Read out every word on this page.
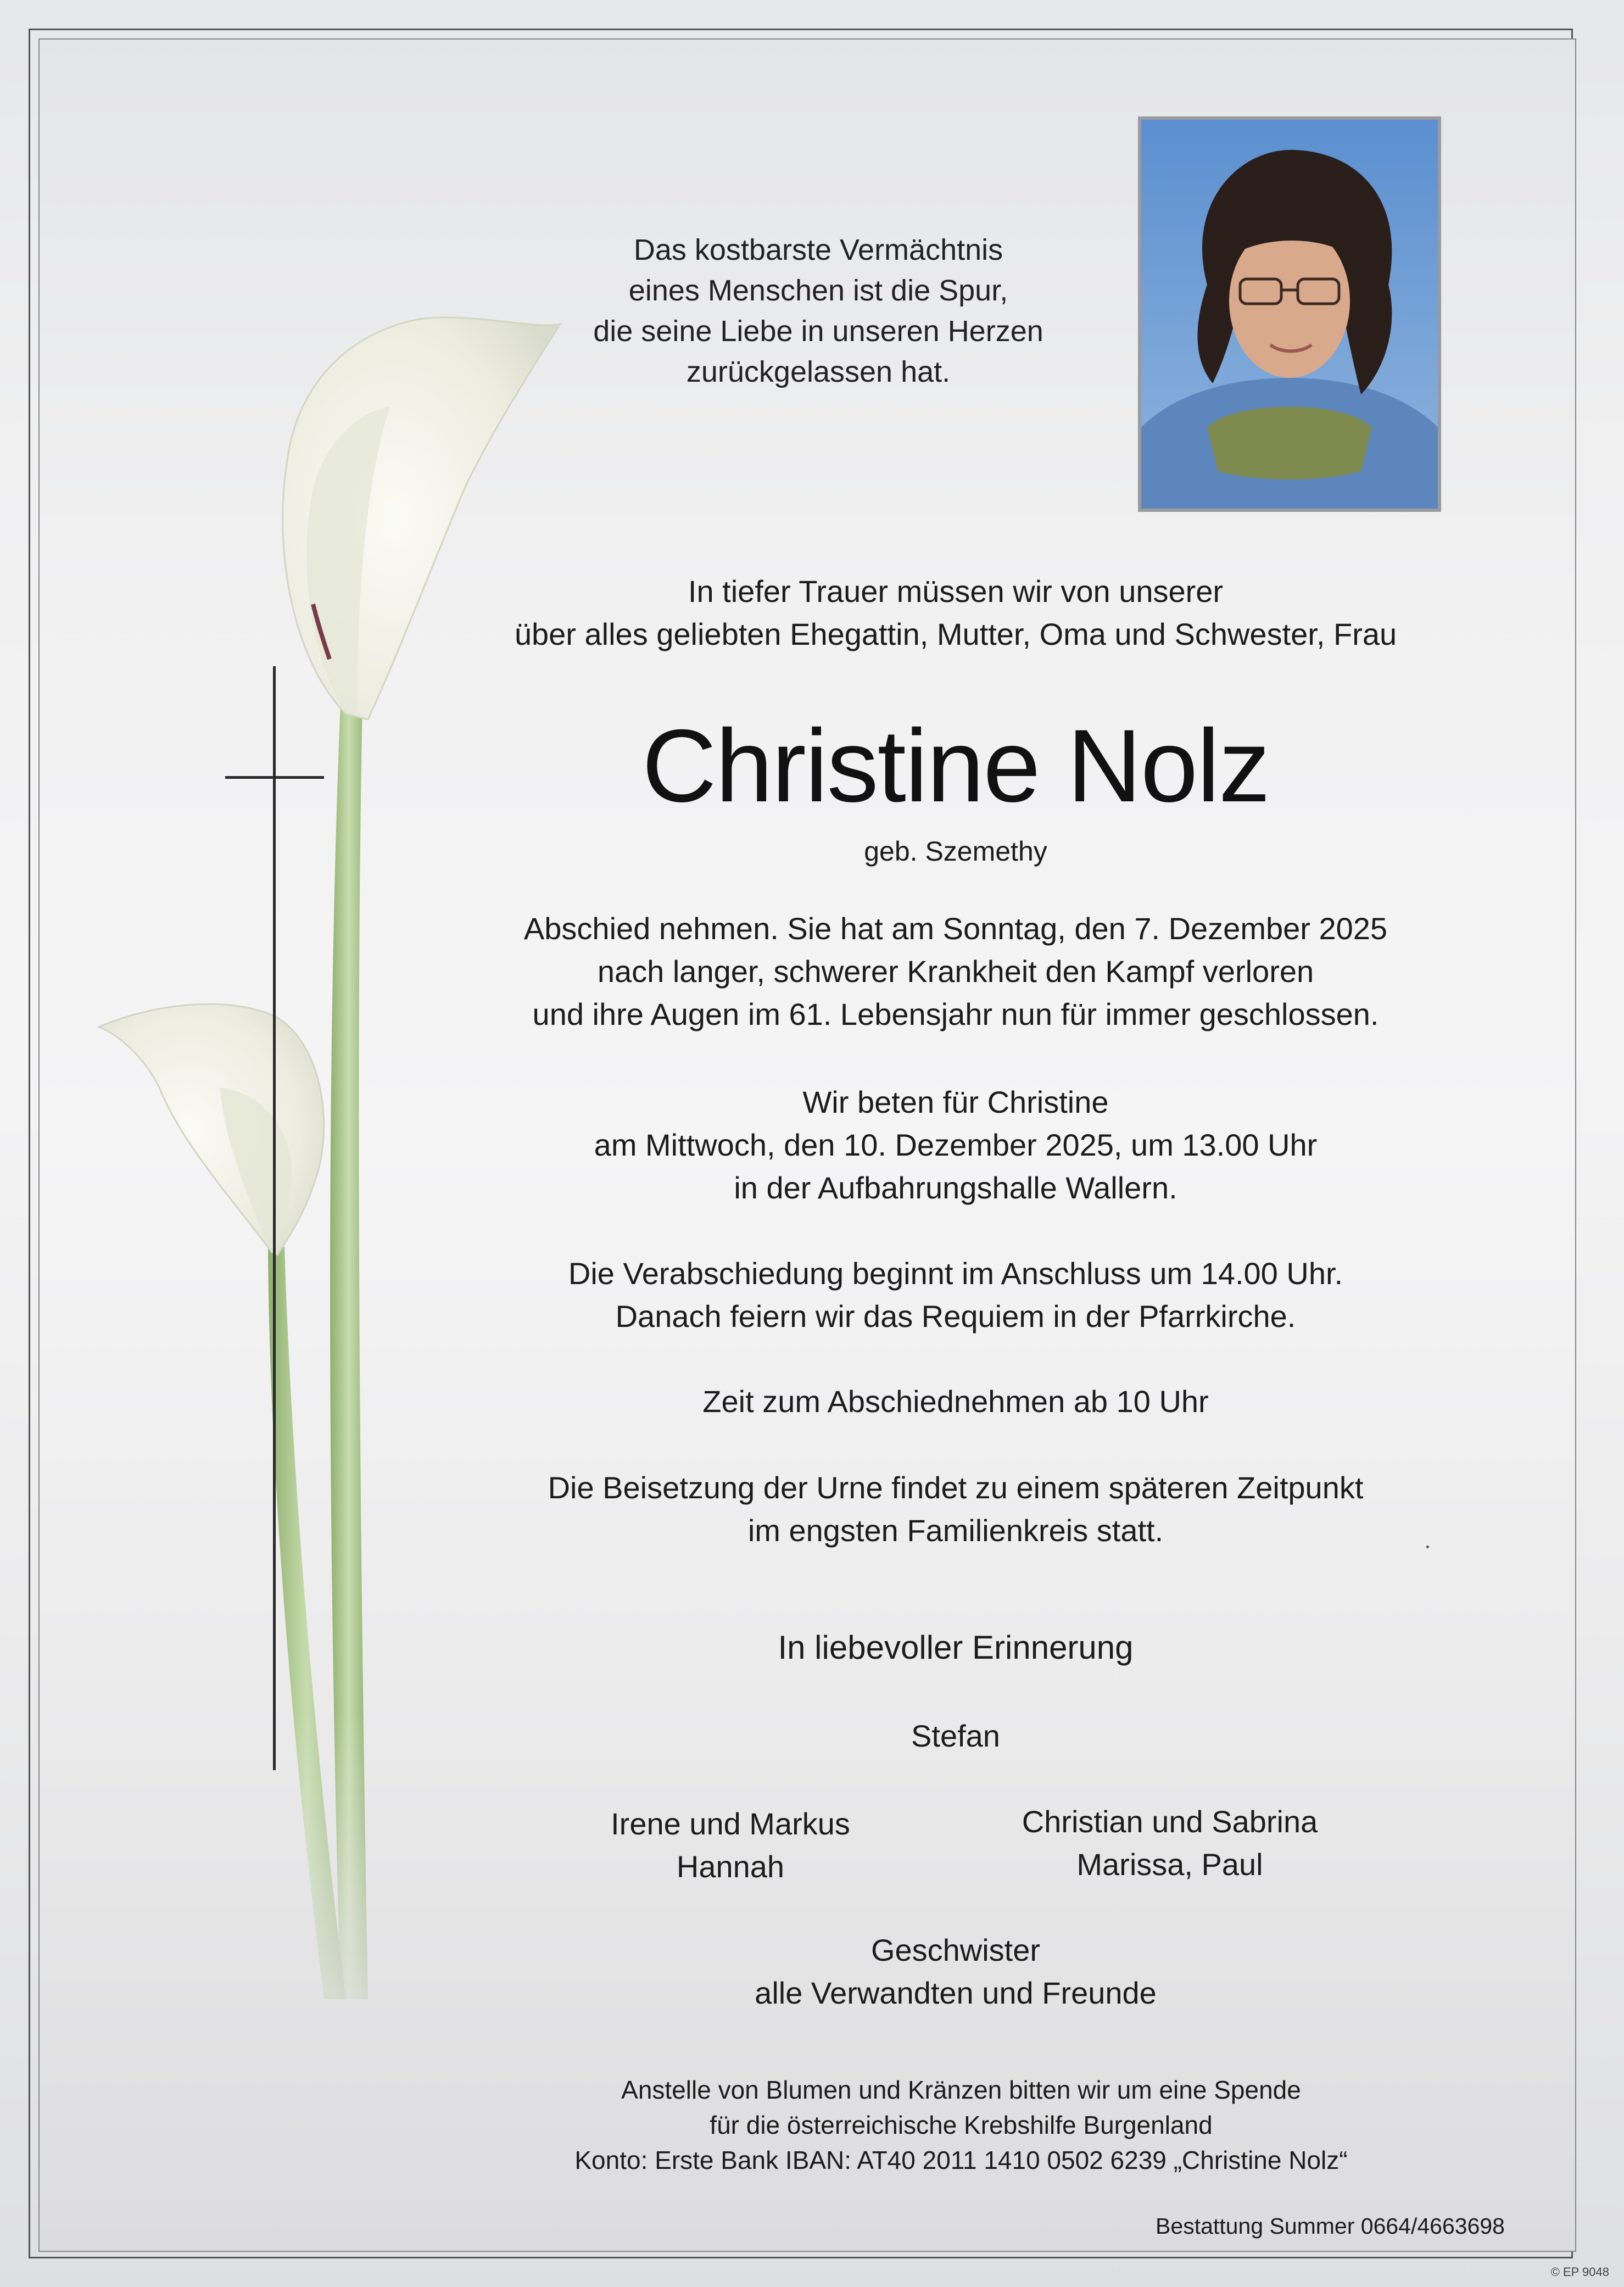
Das kostbarste Vermächtnis
eines Menschen ist die Spur,
die seine Liebe in unseren Herzen
zurückgelassen hat.
In tiefer Trauer müssen wir von unserer
über alles geliebten Ehegattin, Mutter, Oma und Schwester, Frau
Christine Nolz
geb. Szemethy
Abschied nehmen. Sie hat am Sonntag, den 7. Dezember 2025
nach langer, schwerer Krankheit den Kampf verloren
und ihre Augen im 61. Lebensjahr nun für immer geschlossen.
Wir beten für Christine
am Mittwoch, den 10. Dezember 2025, um 13.00 Uhr
in der Aufbahrungshalle Wallern.
Die Verabschiedung beginnt im Anschluss um 14.00 Uhr.
Danach feiern wir das Requiem in der Pfarrkirche.
Zeit zum Abschiednehmen ab 10 Uhr
Die Beisetzung der Urne findet zu einem späteren Zeitpunkt
im engsten Familienkreis statt.
In liebevoller Erinnerung
Stefan
Irene und Markus
Hannah
Christian und Sabrina
Marissa, Paul
Geschwister
alle Verwandten und Freunde
Anstelle von Blumen und Kränzen bitten wir um eine Spende
für die österreichische Krebshilfe Burgenland
Konto: Erste Bank IBAN: AT40 2011 1410 0502 6239 „Christine Nolz“
Bestattung Summer 0664/4663698
© EP 9048
